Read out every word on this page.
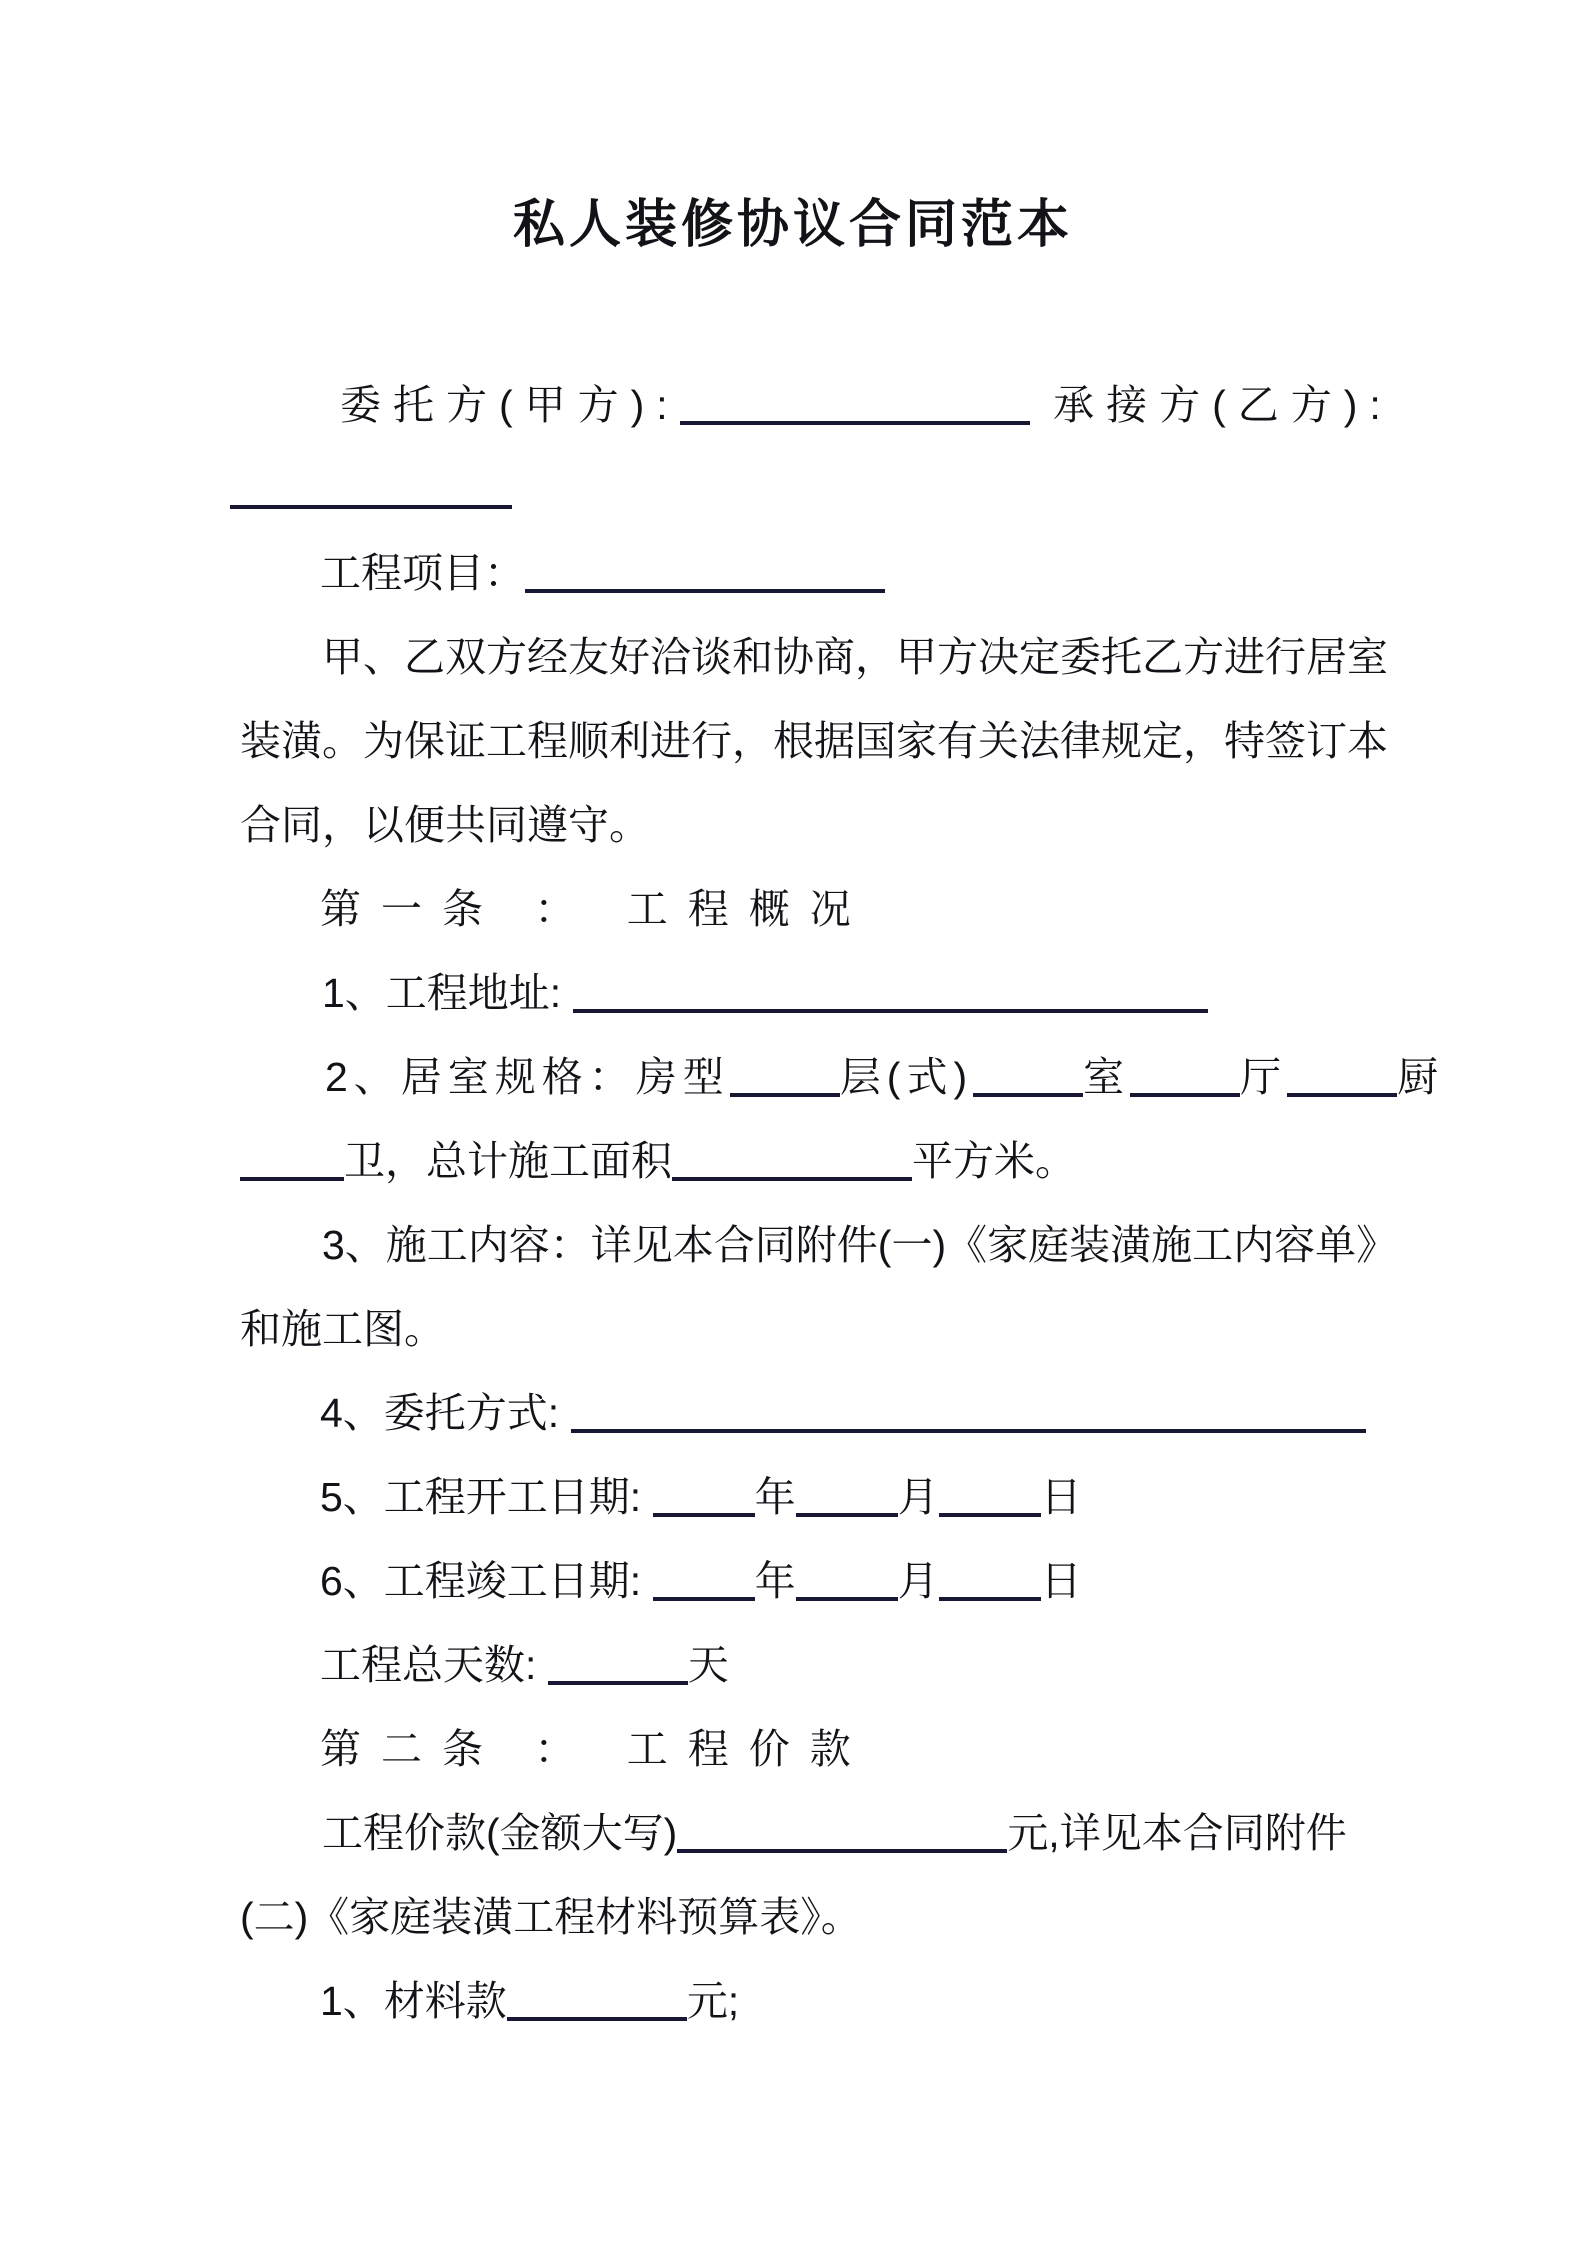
私人装修协议合同范本
委托方(甲方):	承接方(乙方):
工程项目：
甲、乙双方经友好洽谈和协商，甲方决定委托乙方进行居室
装潢。为保证工程顺利进行，根据国家有关法律规定，特签订本
合同，以便共同遵守。
第一条 ： 工程概况
1、工程地址:
2、居室规格：房型	层(式)	室	厅	厨
卫，总计施工面积	平方米。
3、施工内容：详见本合同附件(一)《家庭装潢施工内容单》
和施工图。
4、委托方式:
5、工程开工日期: 年 月 日
6、工程竣工日期: 年 月 日
工程总天数:	天
第二条 ： 工程价款
工程价款(金额大写)	元,详见本合同附件
(二)《家庭装潢工程材料预算表》。
1、材料款	元;
